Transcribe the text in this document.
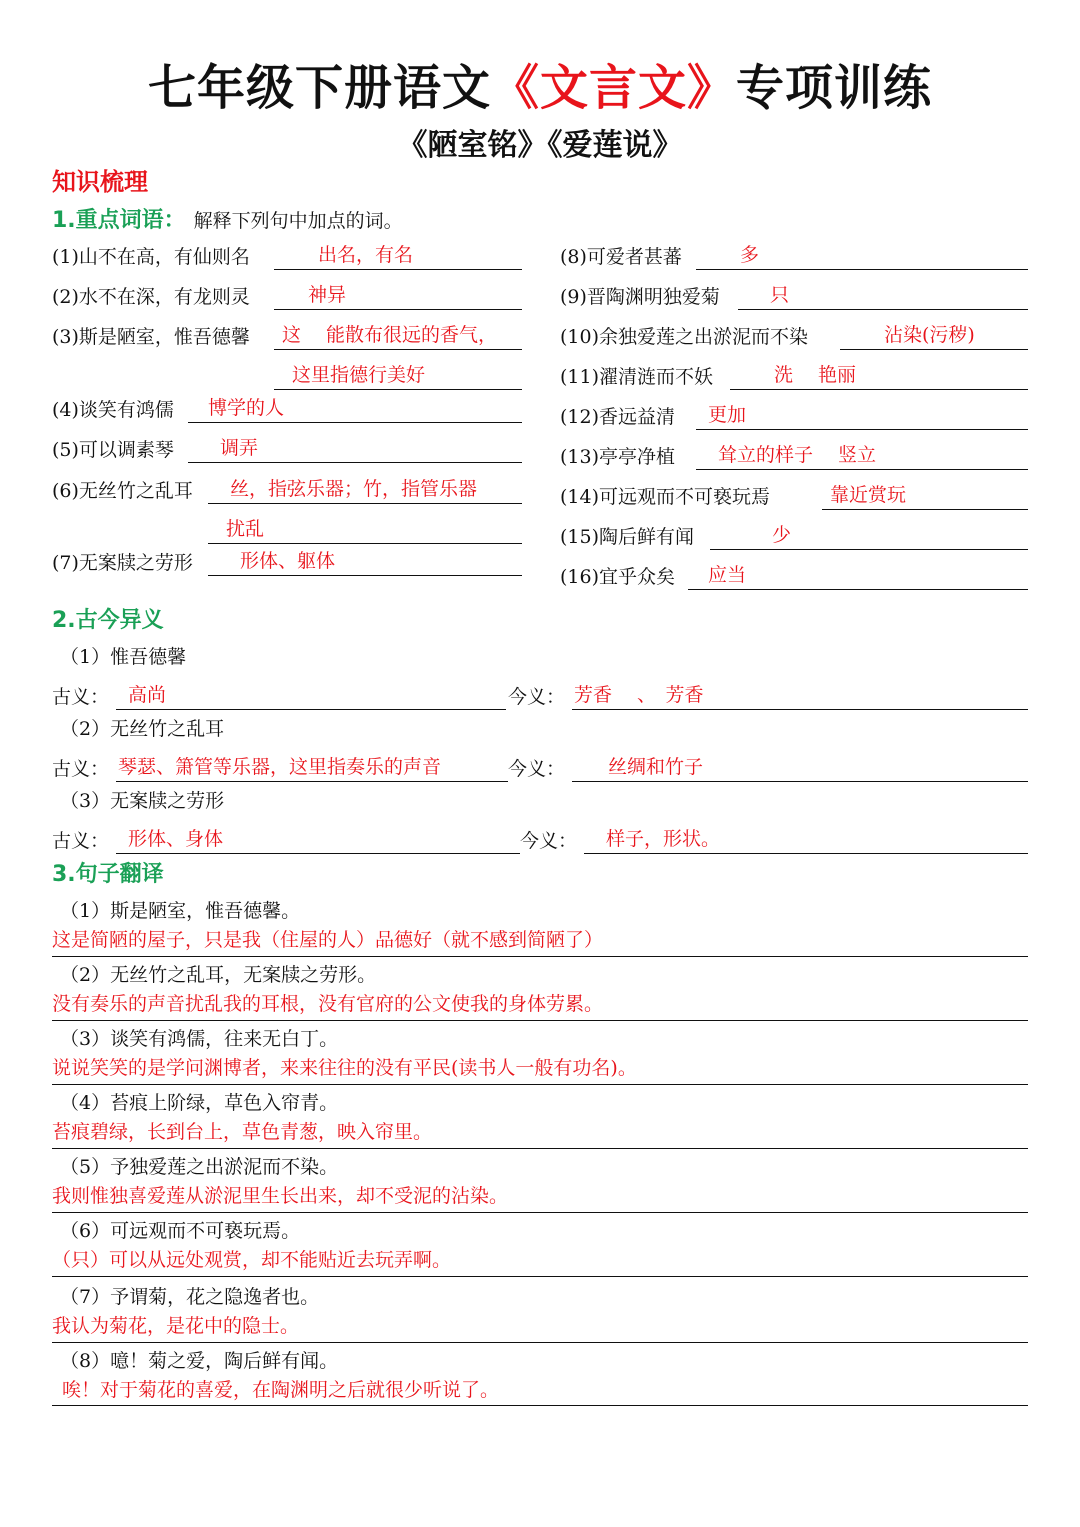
七年级下册语文《文言文》专项训练
《陋室铭》《爱莲说》
知识梳理
1.重点词语： 解释下列句中加点的词。
(1)山不在高，有仙则名	出名，有名
(2)水不在深，有龙则灵	神异
(3)斯是陋室，惟吾德馨	这　 能散布很远的香气，
这里指德行美好
(4)谈笑有鸿儒	博学的人
(5)可以调素琴	调弄
(6)无丝竹之乱耳	丝，指弦乐器；竹，指管乐器
扰乱
(7)无案牍之劳形	形体、躯体
(8)可爱者甚蕃	多
(9)晋陶渊明独爱菊	只
(10)余独爱莲之出淤泥而不染	沾染(污秽)
(11)濯清涟而不妖	洗　 艳丽
(12)香远益清	更加
(13)亭亭净植	耸立的样子　 竖立
(14)可远观而不可亵玩焉	靠近赏玩
(15)陶后鲜有闻	少
(16)宜乎众矣	应当
2.古今异义
（1）惟吾德馨
古义： 高尚	今义： 芳香　 、　芳香
（2）无丝竹之乱耳
古义： 琴瑟、箫管等乐器，这里指奏乐的声音	今义：	丝绸和竹子
（3）无案牍之劳形
古义： 形体、身体	今义：	样子，形状。
3.句子翻译
（1）斯是陋室，惟吾德馨。
这是简陋的屋子，只是我（住屋的人）品德好（就不感到简陋了）
（2）无丝竹之乱耳，无案牍之劳形。
没有奏乐的声音扰乱我的耳根，没有官府的公文使我的身体劳累。
（3）谈笑有鸿儒，往来无白丁。
说说笑笑的是学问渊博者，来来往往的没有平民(读书人一般有功名)。
（4）苔痕上阶绿，草色入帘青。
苔痕碧绿，长到台上，草色青葱，映入帘里。
（5）予独爱莲之出淤泥而不染。
我则惟独喜爱莲从淤泥里生长出来，却不受泥的沾染。
（6）可远观而不可亵玩焉。
（只）可以从远处观赏，却不能贴近去玩弄啊。
（7）予谓菊，花之隐逸者也。
我认为菊花，是花中的隐士。
（8）噫！菊之爱，陶后鲜有闻。
唉！对于菊花的喜爱，在陶渊明之后就很少听说了。
